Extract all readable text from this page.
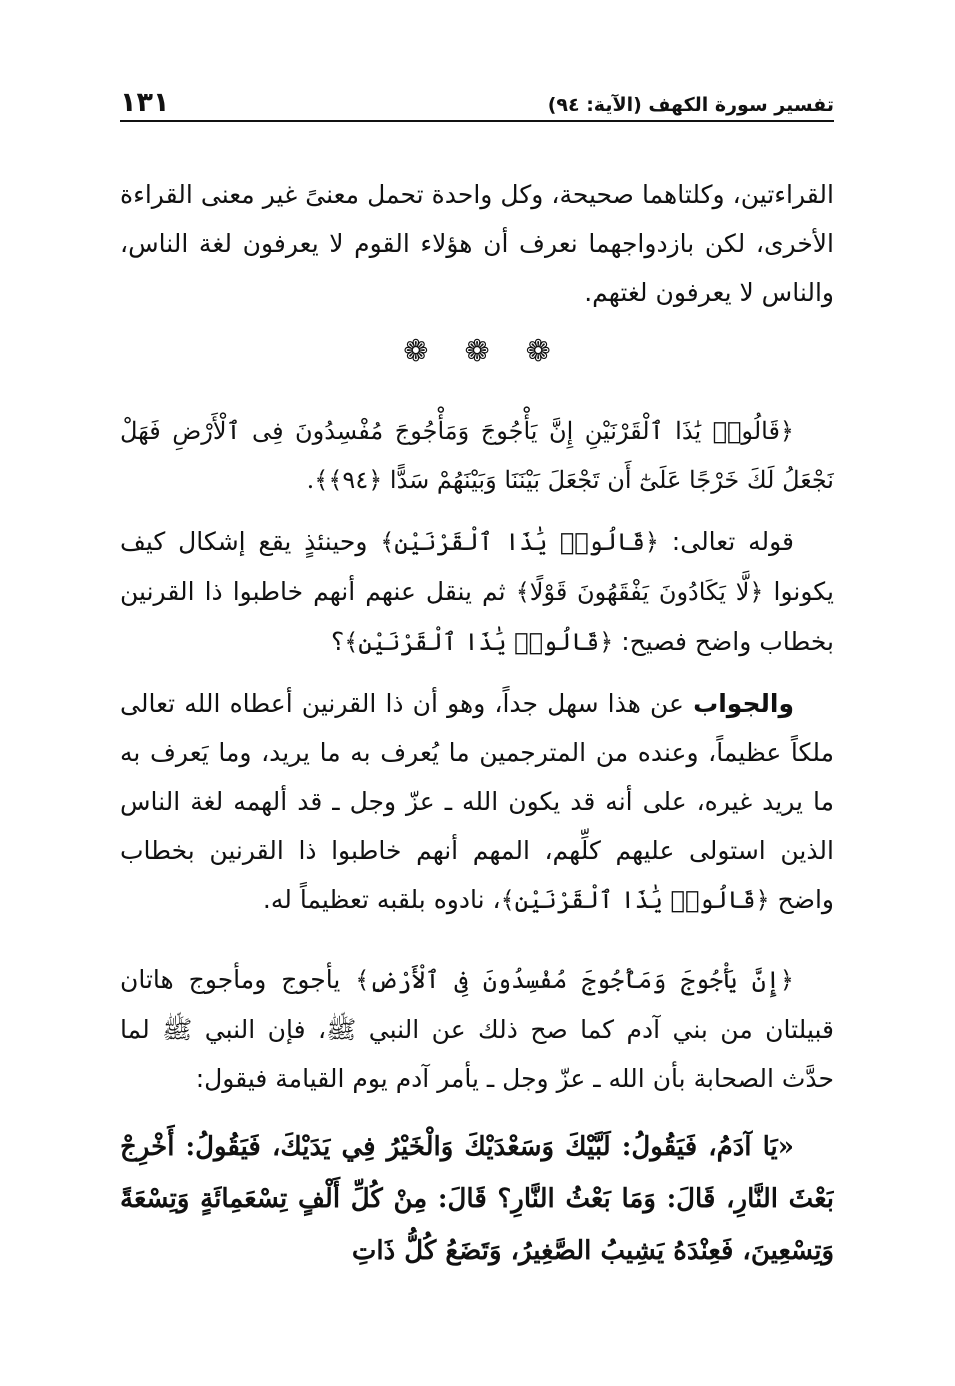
تفسير سورة الكهف (الآية: ٩٤)
١٣١

القراءتين، وكلتاهما صحيحة، وكل واحدة تحمل معنىً غير معنى القراءة الأخرى، لكن بازدواجهما نعرف أن هؤلاء القوم لا يعرفون لغة الناس، والناس لا يعرفون لغتهم.

❁
❁
❁

﴿قَالُوا۟ يَٰذَا ٱلْقَرْنَيْنِ إِنَّ يَأْجُوجَ وَمَأْجُوجَ مُفْسِدُونَ فِى ٱلْأَرْضِ فَهَلْ نَجْعَلُ لَكَ خَرْجًا عَلَىٰٓ أَن تَجْعَلَ بَيْنَنَا وَبَيْنَهُمْ سَدًّا ﴿٩٤﴾﴾.

قوله تعالى: ﴿قَالُوا۟ يَٰذَا ٱلْقَرْنَيْنِ﴾ وحينئذٍ يقع إشكال كيف يكونوا ﴿لَّا يَكَادُونَ يَفْقَهُونَ قَوْلًا﴾ ثم ينقل عنهم أنهم خاطبوا ذا القرنين بخطاب واضح فصيح: ﴿قَالُوا۟ يَٰذَا ٱلْقَرْنَيْنِ﴾؟

والجواب عن هذا سهل جداً، وهو أن ذا القرنين أعطاه الله تعالى ملكاً عظيماً، وعنده من المترجمين ما يُعرف به ما يريد، وما يَعرف به ما يريد غيره، على أنه قد يكون الله ـ عزّ وجل ـ قد ألهمه لغة الناس الذين استولى عليهم كلِّهم، المهم أنهم خاطبوا ذا القرنين بخطاب واضح ﴿قَالُوا۟ يَٰذَا ٱلْقَرْنَيْنِ﴾، نادوه بلقبه تعظيماً له.

﴿إِنَّ يَأْجُوجَ وَمَأْجُوجَ مُفْسِدُونَ فِى ٱلْأَرْضِ﴾ يأجوج ومأجوج هاتان قبيلتان من بني آدم كما صح ذلك عن النبي ﷺ، فإن النبي ﷺ لما حدَّث الصحابة بأن الله ـ عزّ وجل ـ يأمر آدم يوم القيامة فيقول:

«يَا آدَمُ، فَيَقُولُ: لَبَّيْكَ وَسَعْدَيْكَ وَالْخَيْرُ فِي يَدَيْكَ، فَيَقُولُ: أَخْرِجْ بَعْثَ النَّارِ، قَالَ: وَمَا بَعْثُ النَّارِ؟ قَالَ: مِنْ كُلِّ أَلْفٍ تِسْعَمِائَةٍ وَتِسْعَةً وَتِسْعِينَ، فَعِنْدَهُ يَشِيبُ الصَّغِيرُ، وَتَضَعُ كُلُّ ذَاتِ
